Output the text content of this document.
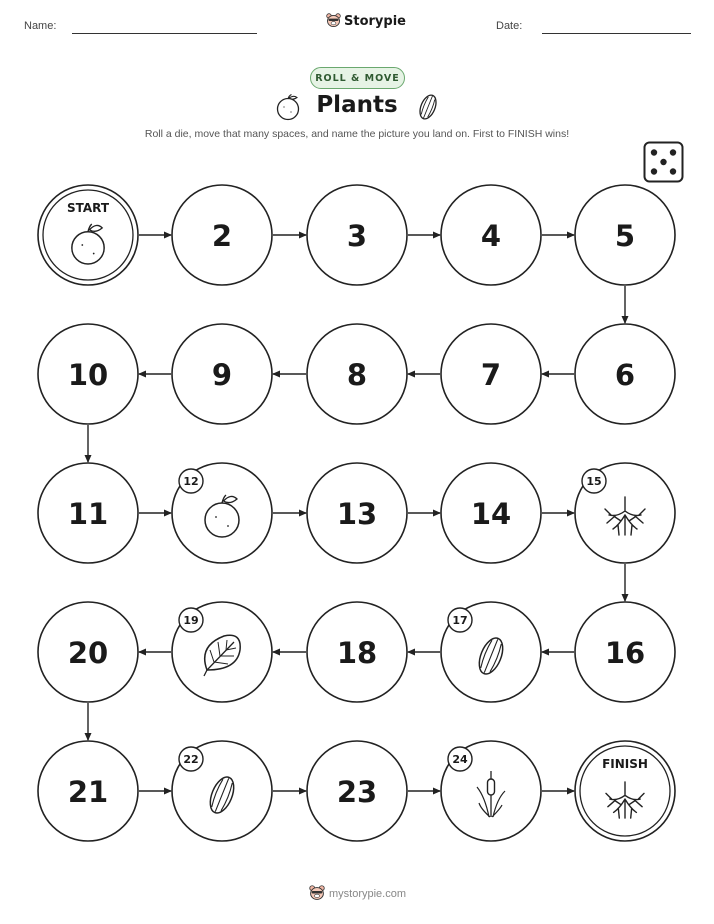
Name:	Storypie	Date:
ROLL & MOVE
Plants
Roll a die, move that many spaces, and name the picture you land on. First to FINISH wins!
START
2	3	4	5
10	9	8	7	6
11
12
13	14
15
20
19
18
17
16
21
22
23
24	FINISH
mystorypie.com
